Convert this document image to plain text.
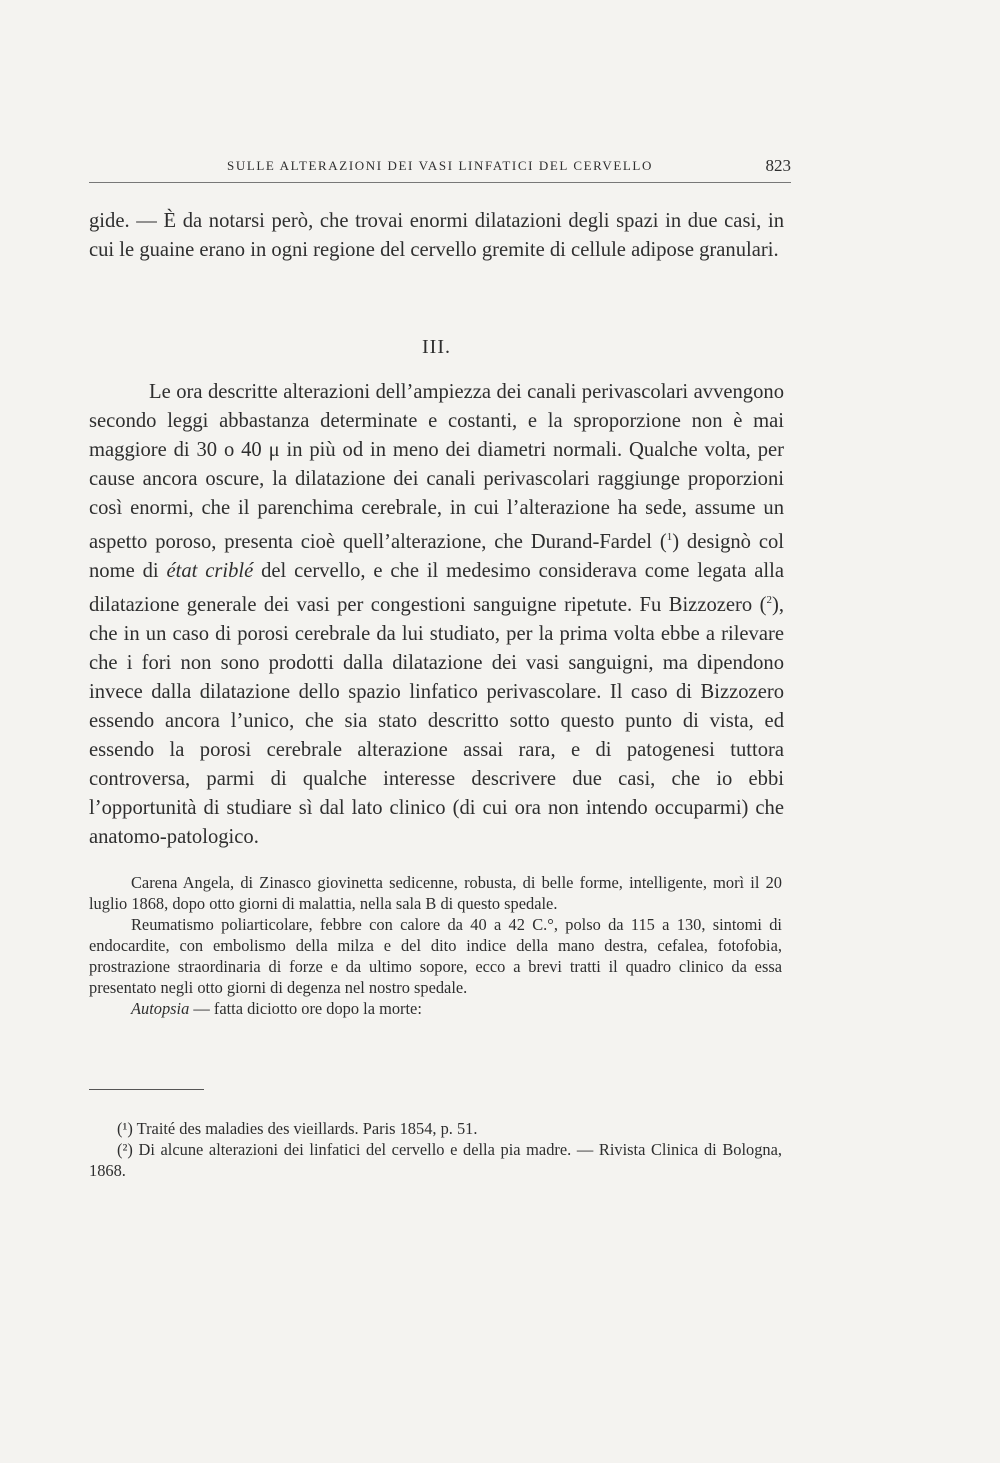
SULLE ALTERAZIONI DEI VASI LINFATICI DEL CERVELLO	823

gide. — È da notarsi però, che trovai enormi dilatazioni degli spazi in due casi, in cui le guaine erano in ogni regione del cervello gremite di cellule adipose granulari.

III.

Le ora descritte alterazioni dell’ampiezza dei canali perivascolari avvengono secondo leggi abbastanza determinate e costanti, e la sproporzione non è mai maggiore di 30 o 40 μ in più od in meno dei diametri normali. Qualche volta, per cause ancora oscure, la dilatazione dei canali perivascolari raggiunge proporzioni così enormi, che il parenchima cerebrale, in cui l’alterazione ha sede, assume un aspetto poroso, presenta cioè quell’alterazione, che Durand-Fardel ($^1$) designò col nome di état criblé del cervello, e che il medesimo considerava come legata alla dilatazione generale dei vasi per congestioni sanguigne ripetute. Fu Bizzozero ($^2$), che in un caso di porosi cerebrale da lui studiato, per la prima volta ebbe a rilevare che i fori non sono prodotti dalla dilatazione dei vasi sanguigni, ma dipendono invece dalla dilatazione dello spazio linfatico perivascolare. Il caso di Bizzozero essendo ancora l’unico, che sia stato descritto sotto questo punto di vista, ed essendo la porosi cerebrale alterazione assai rara, e di patogenesi tuttora controversa, parmi di qualche interesse descrivere due casi, che io ebbi l’opportunità di studiare sì dal lato clinico (di cui ora non intendo occuparmi) che anatomo-patologico.

Carena Angela, di Zinasco giovinetta sedicenne, robusta, di belle forme, intelligente, morì il 20 luglio 1868, dopo otto giorni di malattia, nella sala B di questo spedale.

Reumatismo poliarticolare, febbre con calore da 40 a 42 C.°, polso da 115 a 130, sintomi di endocardite, con embolismo della milza e del dito indice della mano destra, cefalea, fotofobia, prostrazione straordinaria di forze e da ultimo sopore, ecco a brevi tratti il quadro clinico da essa presentato negli otto giorni di degenza nel nostro spedale.

Autopsia — fatta diciotto ore dopo la morte:

(¹) Traité des maladies des vieillards. Paris 1854, p. 51.

(²) Di alcune alterazioni dei linfatici del cervello e della pia madre. — Rivista Clinica di Bologna, 1868.
